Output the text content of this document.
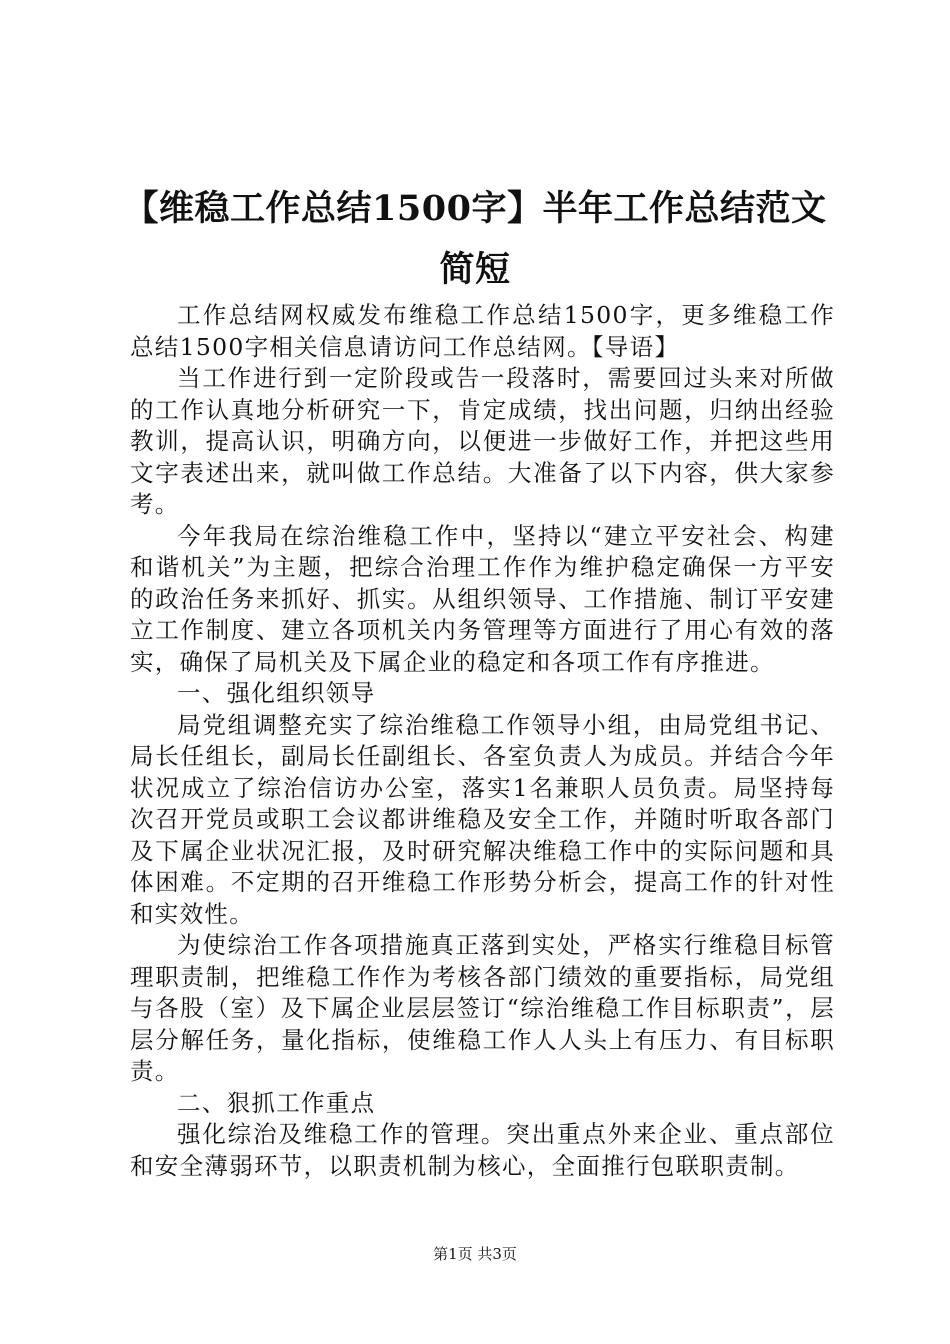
【维稳工作总结1500字】半年工作总结范文简短

工作总结网权威发布维稳工作总结1500字，更多维稳工作总结1500字相关信息请访问工作总结网。【导语】

当工作进行到一定阶段或告一段落时，需要回过头来对所做的工作认真地分析研究一下，肯定成绩，找出问题，归纳出经验教训，提高认识，明确方向，以便进一步做好工作，并把这些用文字表述出来，就叫做工作总结。大准备了以下内容，供大家参考。

今年我局在综治维稳工作中，坚持以“建立平安社会、构建和谐机关”为主题，把综合治理工作作为维护稳定确保一方平安的政治任务来抓好、抓实。从组织领导、工作措施、制订平安建立工作制度、建立各项机关内务管理等方面进行了用心有效的落实，确保了局机关及下属企业的稳定和各项工作有序推进。

一、强化组织领导

局党组调整充实了综治维稳工作领导小组，由局党组书记、局长任组长，副局长任副组长、各室负责人为成员。并结合今年状况成立了综治信访办公室，落实1名兼职人员负责。局坚持每次召开党员或职工会议都讲维稳及安全工作，并随时听取各部门及下属企业状况汇报，及时研究解决维稳工作中的实际问题和具体困难。不定期的召开维稳工作形势分析会，提高工作的针对性和实效性。

为使综治工作各项措施真正落到实处，严格实行维稳目标管理职责制，把维稳工作作为考核各部门绩效的重要指标，局党组与各股（室）及下属企业层层签订“综治维稳工作目标职责”，层层分解任务，量化指标，使维稳工作人人头上有压力、有目标职责。

二、狠抓工作重点

强化综治及维稳工作的管理。突出重点外来企业、重点部位和安全薄弱环节，以职责机制为核心，全面推行包联职责制。

第1页 共3页
